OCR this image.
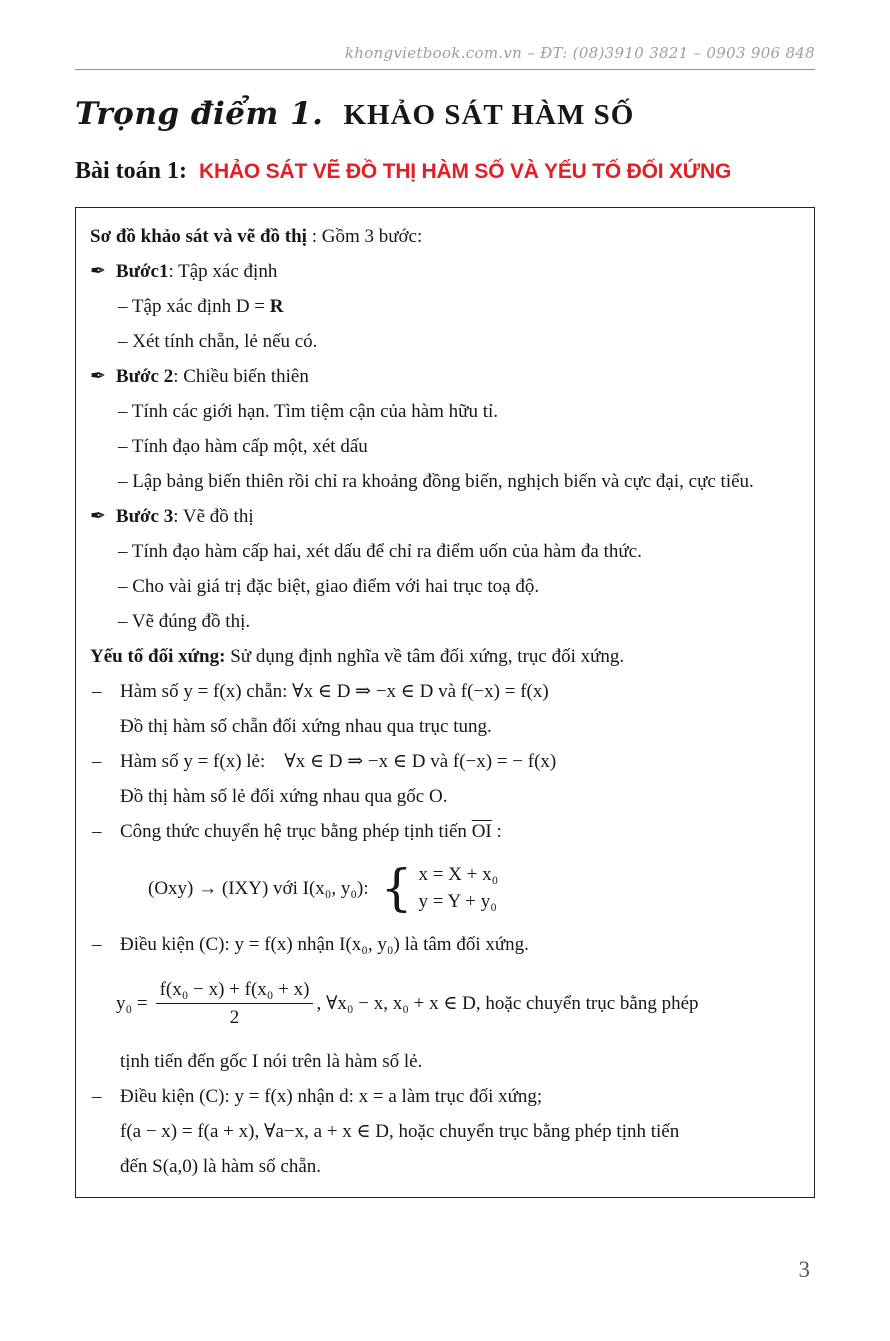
khongvietbook.com.vn – ĐT: (08)3910 3821 – 0903 906 848
Trọng điểm 1. KHẢO SÁT HÀM SỐ
Bài toán 1: KHẢO SÁT VẼ ĐỒ THỊ HÀM SỐ VÀ YẾU TỐ ĐỐI XỨNG
Sơ đồ khảo sát và vẽ đồ thị : Gồm 3 bước:
✒ Bước1: Tập xác định
– Tập xác định D = R
– Xét tính chẵn, lẻ nếu có.
✒ Bước 2: Chiều biến thiên
– Tính các giới hạn. Tìm tiệm cận của hàm hữu tỉ.
– Tính đạo hàm cấp một, xét dấu
– Lập bảng biến thiên rồi chỉ ra khoảng đồng biến, nghịch biến và cực đại, cực tiểu.
✒ Bước 3: Vẽ đồ thị
– Tính đạo hàm cấp hai, xét dấu để chỉ ra điểm uốn của hàm đa thức.
– Cho vài giá trị đặc biệt, giao điểm với hai trục toạ độ.
– Vẽ đúng đồ thị.
Yếu tố đối xứng: Sử dụng định nghĩa về tâm đối xứng, trục đối xứng.
– Hàm số y = f(x) chẵn: ∀x ∈ D ⇒ −x ∈ D và f(−x) = f(x)
Đồ thị hàm số chẵn đối xứng nhau qua trục tung.
– Hàm số y = f(x) lẻ:    ∀x ∈ D ⇒ −x ∈ D và f(−x) = − f(x)
Đồ thị hàm số lẻ đối xứng nhau qua gốc O.
– Công thức chuyển hệ trục bằng phép tịnh tiến $\overline{OI}$ :
(Oxy) → (IXY) với I(x₀, y₀): { x = X + x₀
y = Y + y₀
– Điều kiện (C): y = f(x) nhận I(x₀, y₀) là tâm đối xứng.
$y_0 = \frac{\text{f(x₀ − x) + f(x₀ + x)}}{2}$ , ∀x₀ − x, x₀ + x ∈ D, hoặc chuyển trục bằng phép
tịnh tiến đến gốc I nói trên là hàm số lẻ.
– Điều kiện (C): y = f(x) nhận d: x = a làm trục đối xứng;
f(a − x) = f(a + x), ∀a−x, a + x ∈ D, hoặc chuyển trục bằng phép tịnh tiến
đến S(a,0) là hàm số chẵn.
3
